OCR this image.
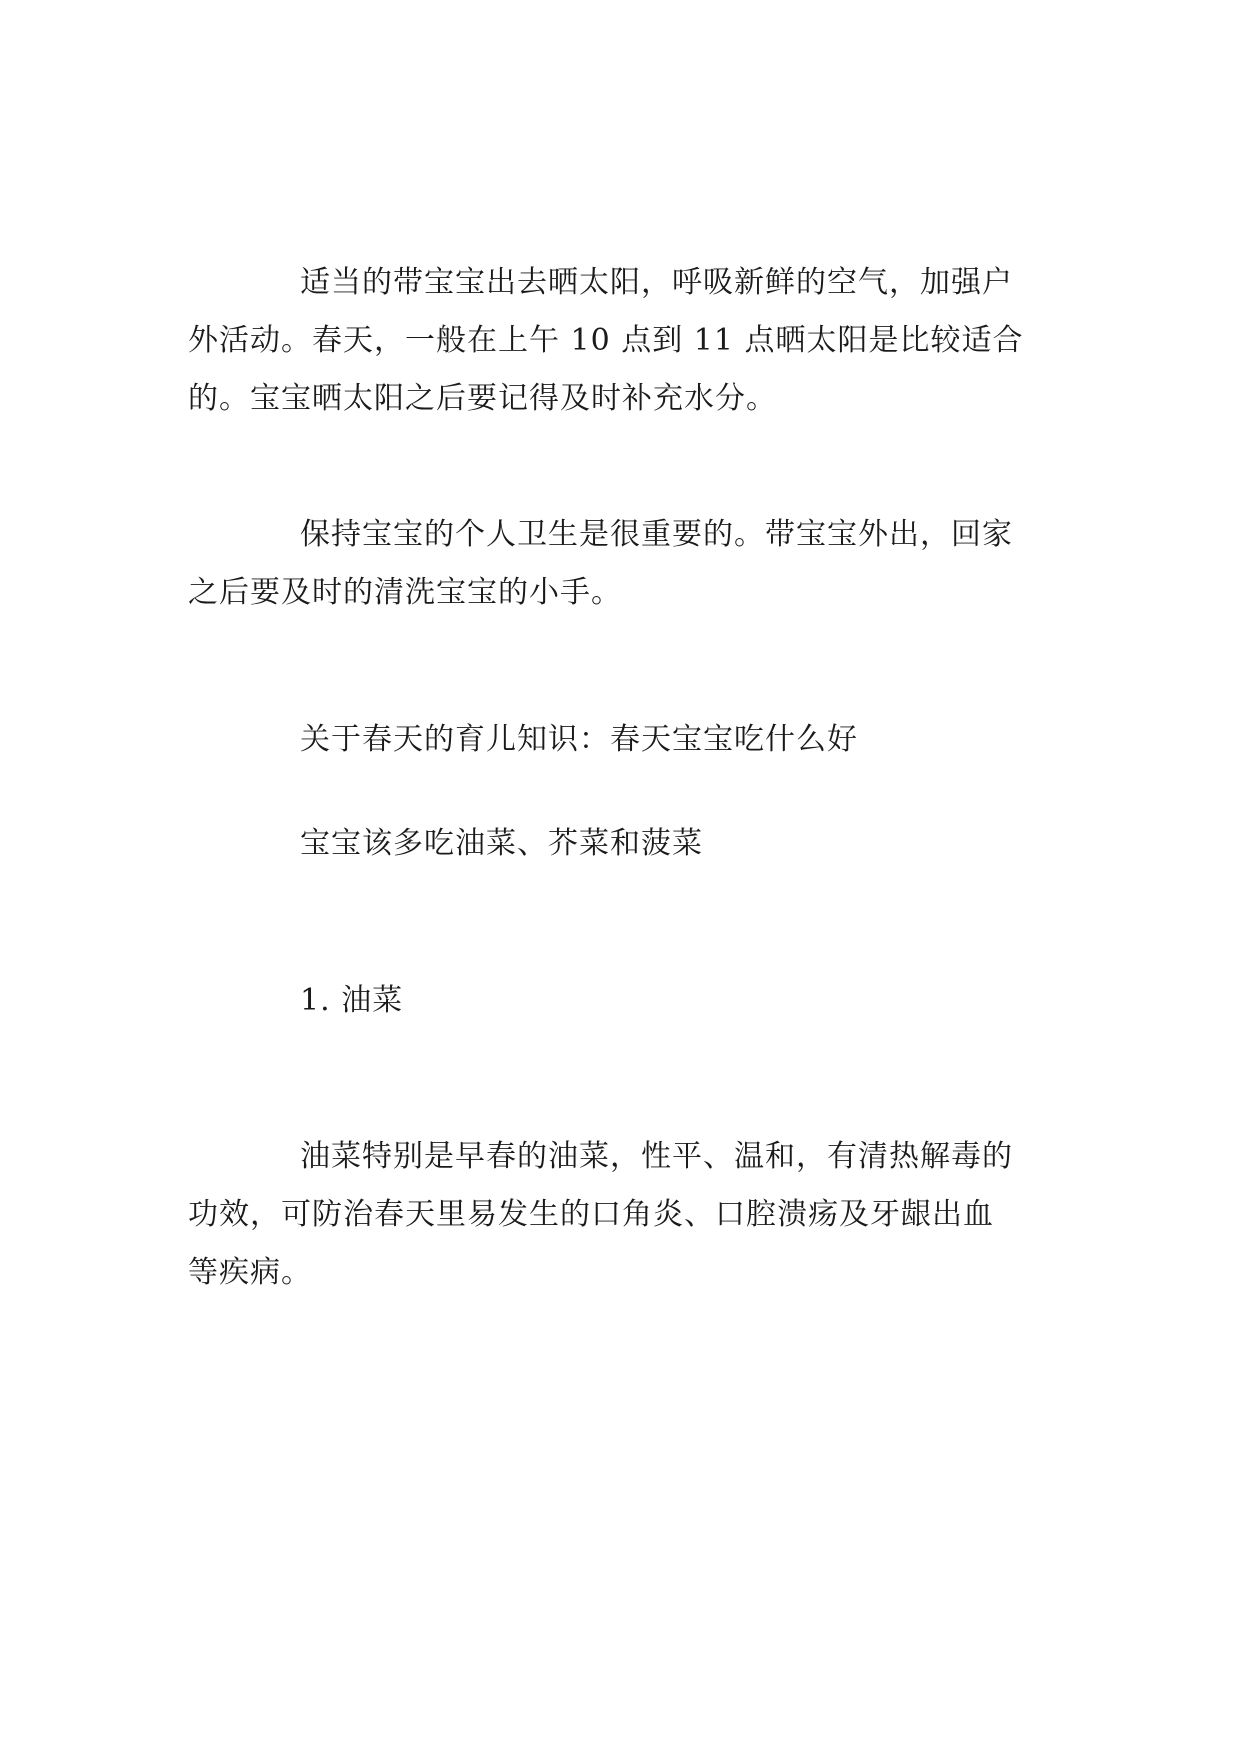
适当的带宝宝出去晒太阳，呼吸新鲜的空气，加强户
外活动。春天，一般在上午 10 点到 11 点晒太阳是比较适合
的。宝宝晒太阳之后要记得及时补充水分。
保持宝宝的个人卫生是很重要的。带宝宝外出，回家
之后要及时的清洗宝宝的小手。
关于春天的育儿知识：春天宝宝吃什么好
宝宝该多吃油菜、芥菜和菠菜
1. 油菜
油菜特别是早春的油菜，性平、温和，有清热解毒的
功效，可防治春天里易发生的口角炎、口腔溃疡及牙龈出血
等疾病。
